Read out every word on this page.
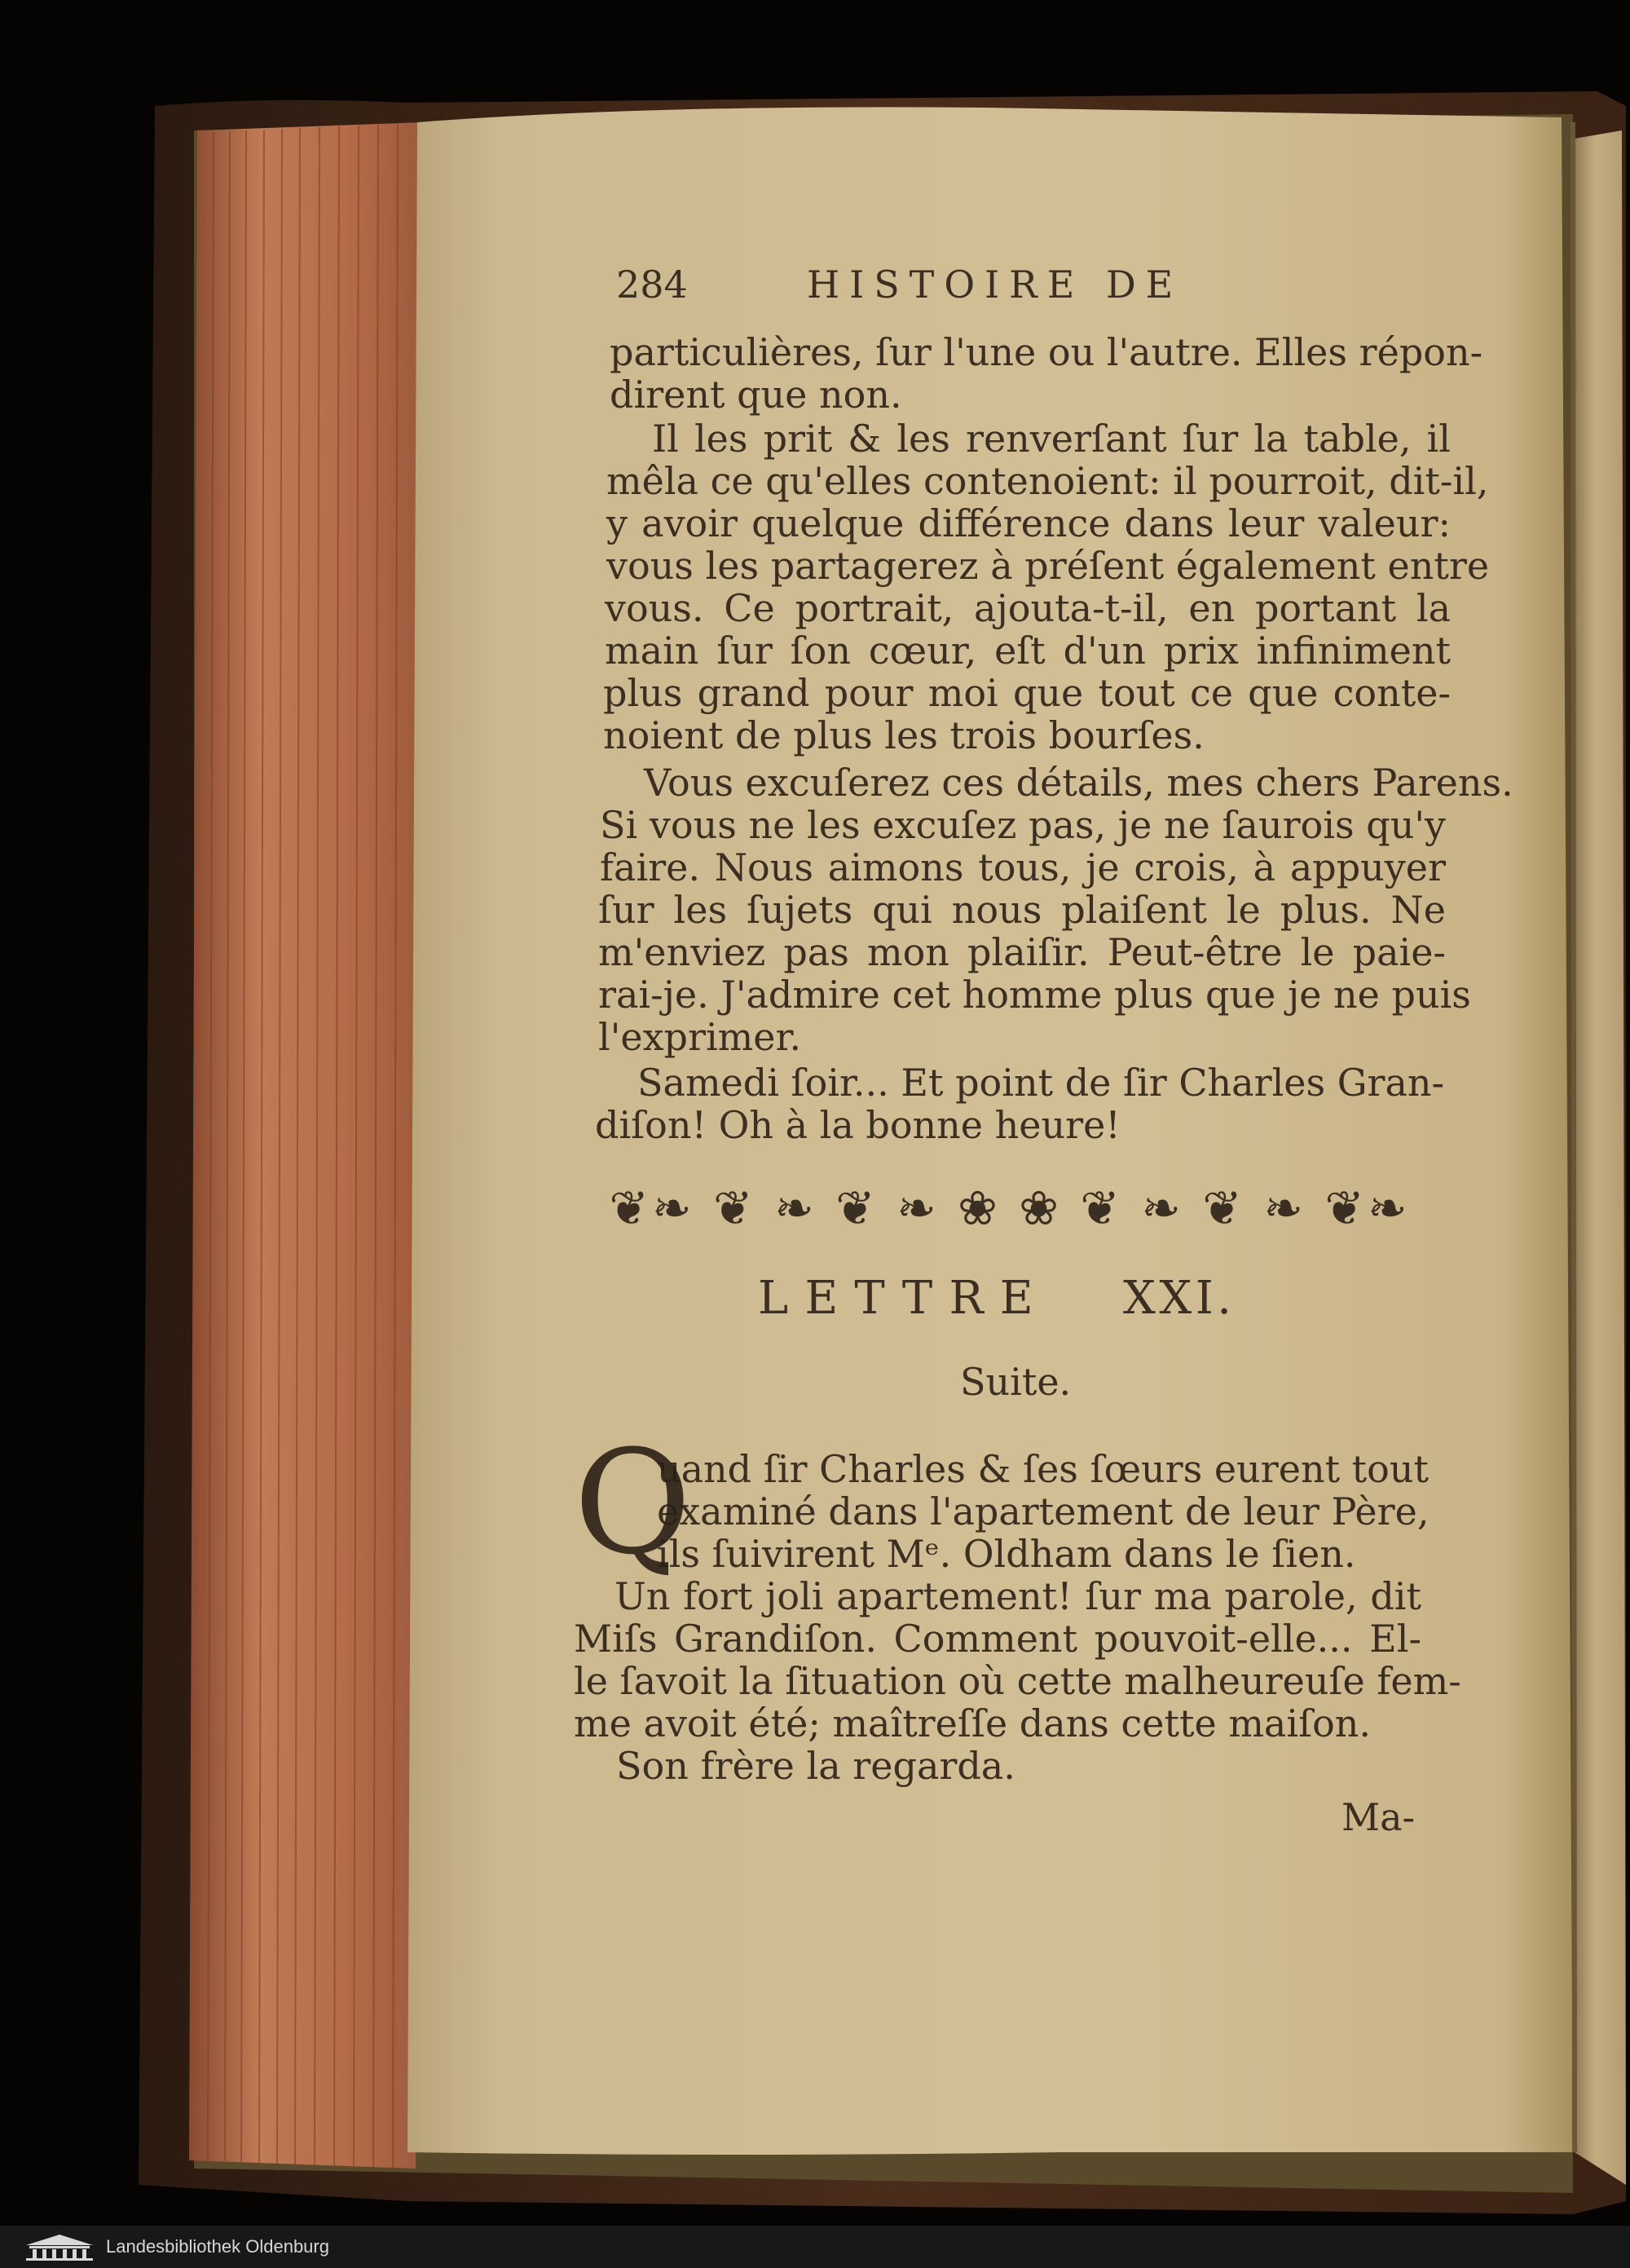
284	HISTOIRE DE
particulières, ſur l'une ou l'autre. Elles répon-
dirent que non.
Il les prit & les renverſant ſur la table, il
mêla ce qu'elles contenoient: il pourroit, dit-il,
y avoir quelque différence dans leur valeur:
vous les partagerez à préſent également entre
vous. Ce portrait, ajouta-t-il, en portant la
main ſur ſon cœur, eſt d'un prix infiniment
plus grand pour moi que tout ce que conte-
noient de plus les trois bourſes.
Vous excuſerez ces détails, mes chers Parens.
Si vous ne les excuſez pas, je ne ſaurois qu'y
faire. Nous aimons tous, je crois, à appuyer
ſur les ſujets qui nous plaiſent le plus. Ne
m'enviez pas mon plaiſir. Peut-être le paie-
rai-je. J'admire cet homme plus que je ne puis
l'exprimer.
Samedi ſoir... Et point de ſir Charles Gran-
diſon! Oh à la bonne heure!
❦❧ ❦ ❧ ❦ ❧ ❀ ❀ ❦ ❧ ❦ ❧ ❦❧
LETTRE XXI.
Suite.
Q
uand ſir Charles & ſes ſœurs eurent tout
examiné dans l'apartement de leur Père,
ils ſuivirent Mᵉ. Oldham dans le ſien.
Un fort joli apartement! ſur ma parole, dit
Miſs Grandiſon. Comment pouvoit-elle... El-
le ſavoit la ſituation où cette malheureuſe fem-
me avoit été; maîtreſſe dans cette maiſon.
Son frère la regarda.
Ma-
Landesbibliothek Oldenburg
